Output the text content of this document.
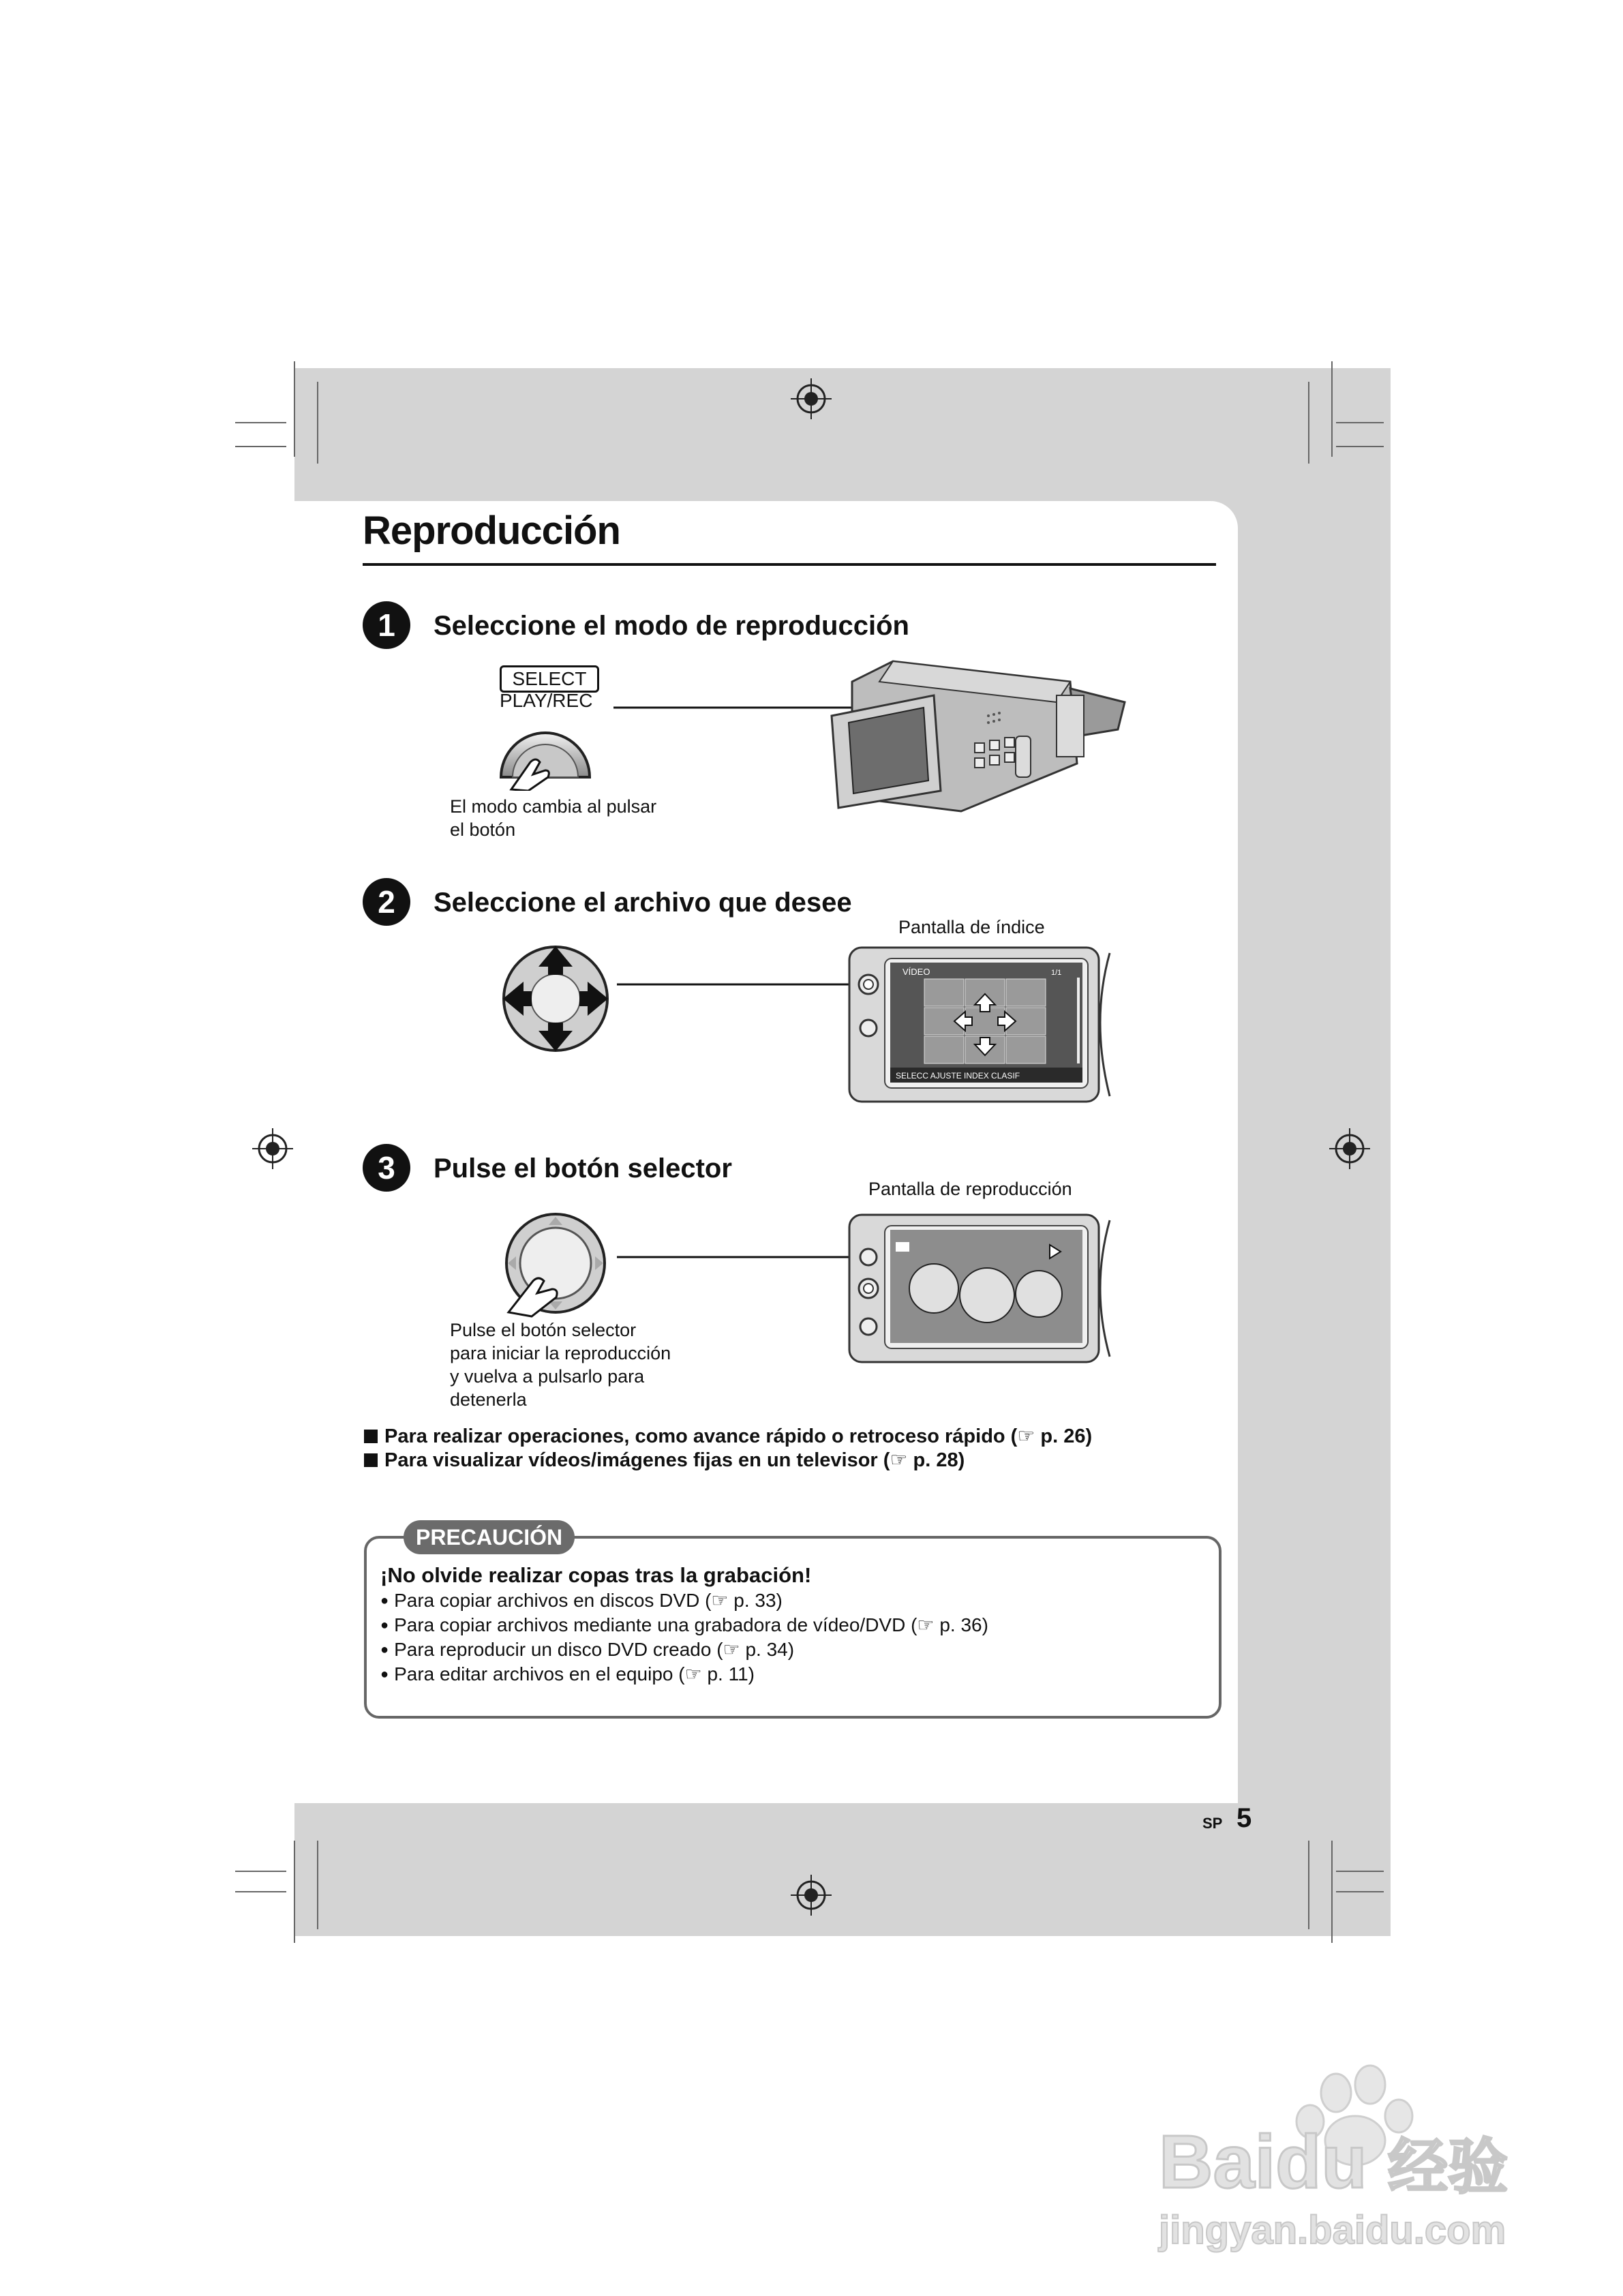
Reproducción
1	Seleccione el modo de reproducción
SELECT
PLAY/REC
El modo cambia al pulsar
el botón
2	Seleccione el archivo que desee
Pantalla de índice
VÍDEO	1/1
SELECC AJUSTE INDEX CLASIF
3	Pulse el botón selector
Pantalla de reproducción
Pulse el botón selector
para iniciar la reproducción
y vuelva a pulsarlo para
detenerla
Para realizar operaciones, como avance rápido o retroceso rápido (☞ p. 26)
Para visualizar vídeos/imágenes fijas en un televisor (☞ p. 28)
PRECAUCIÓN
¡No olvide realizar copas tras la grabación!
● Para copiar archivos en discos DVD (☞ p. 33)
● Para copiar archivos mediante una grabadora de vídeo/DVD (☞ p. 36)
● Para reproducir un disco DVD creado (☞ p. 34)
● Para editar archivos en el equipo (☞ p. 11)
SP 5
Baidu 经验
jingyan.baidu.com
